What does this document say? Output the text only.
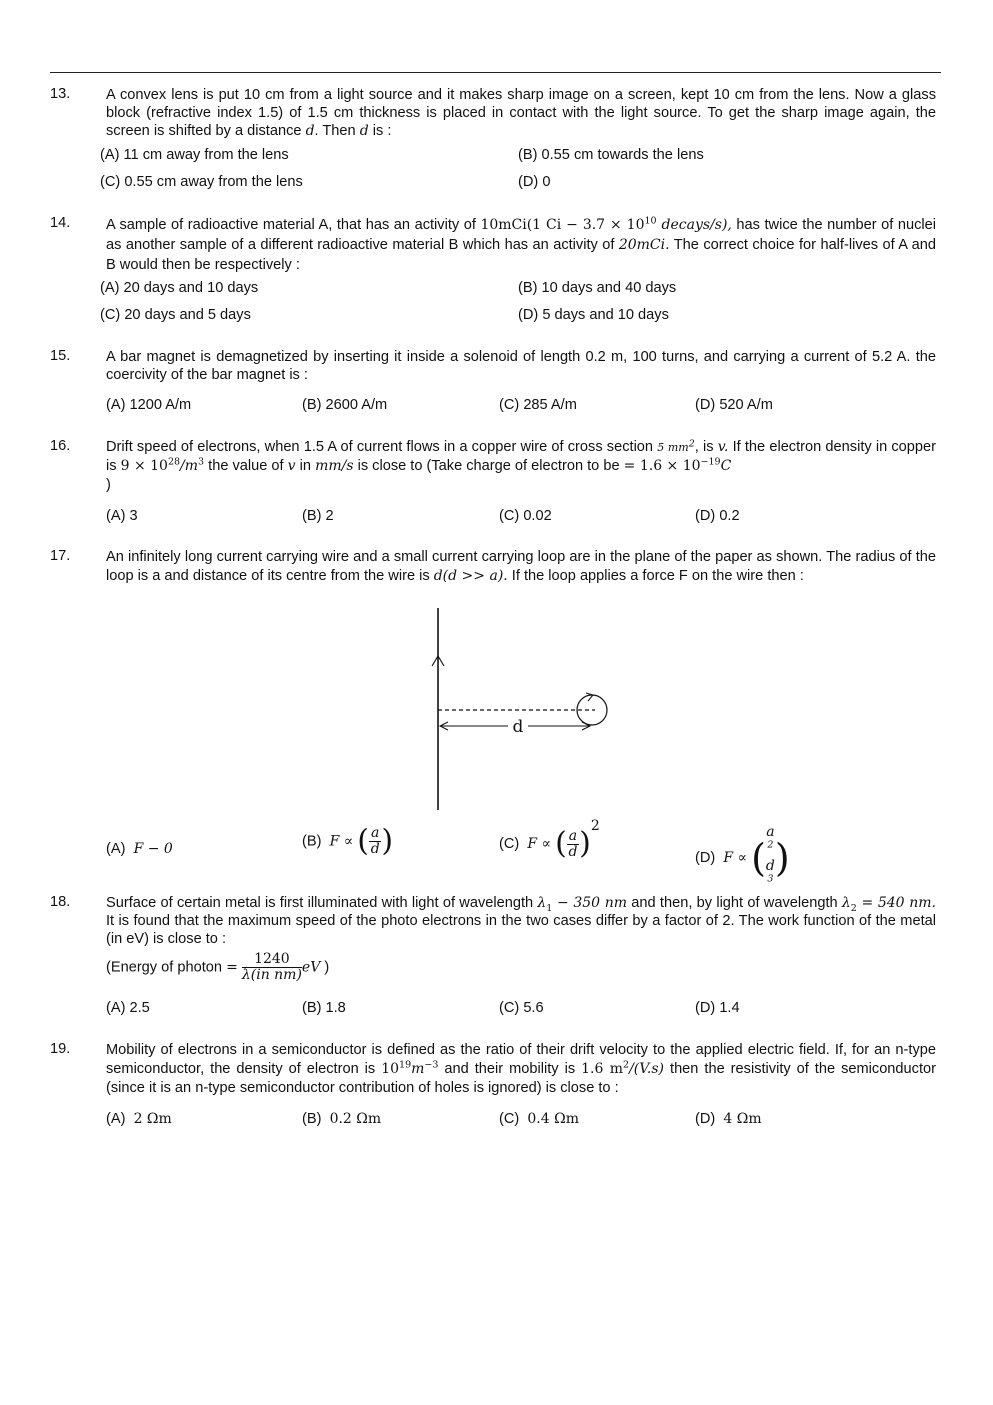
13. A convex lens is put 10 cm from a light source and it makes sharp image on a screen, kept 10 cm from the lens. Now a glass block (refractive index 1.5) of 1.5 cm thickness is placed in contact with the light source. To get the sharp image again, the screen is shifted by a distance d. Then d is :
(A) 11 cm away from the lens	(B) 0.55 cm towards the lens
(C) 0.55 cm away from the lens	(D) 0
14. A sample of radioactive material A, that has an activity of 10mCi(1 $Ci - 3.7 \times 10^{10}$ decays/s), has twice the number of nuclei as another sample of a different radioactive material B which has an activity of 20mCi. The correct choice for half-lives of A and B would then be respectively :
(A) 20 days and 10 days	(B) 10 days and 40 days
(C) 20 days and 5 days	(D) 5 days and 10 days
15. A bar magnet is demagnetized by inserting it inside a solenoid of length 0.2 m, 100 turns, and carrying a current of 5.2 A. the coercivity of the bar magnet is :
(A) 1200 A/m	(B) 2600 A/m	(C) 285 A/m	(D) 520 A/m
16. Drift speed of electrons, when 1.5 A of current flows in a copper wire of cross section 5 $mm^2$, is v. If the electron density in copper is $9 \times 10^{28}/m^3$ the value of v in mm/s is close to (Take charge of electron to be = $1.6 \times 10^{-19}C$
)
(A) 3	(B) 2	(C) 0.02	(D) 0.2
17. An infinitely long current carrying wire and a small current carrying loop are in the plane of the paper as shown. The radius of the loop is a and distance of its centre from the wire is d(d >> a). If the loop applies a force F on the wire then :
d
(A) F − 0	(B) F ∝ ( $\frac{a}{d}$ )	(C) F ∝ ( $\frac{a}{d} )^2$
(D) F ∝ (
a
$^2$
d
$^3$ )
18. Surface of certain metal is first illuminated with light of wavelength $\lambda_1 - 350$ nm and then, by light of wavelength $\lambda_2 = 540$ nm. It is found that the maximum speed of the photo electrons in the two cases differ by a factor of 2. The work function of the metal (in eV) is close to :
(Energy of photon = $\frac{1240}{\text{λ(in nm)}}$ eV )
(A) 2.5	(B) 1.8	(C) 5.6	(D) 1.4
19. Mobility of electrons in a semiconductor is defined as the ratio of their drift velocity to the applied electric field. If, for an n-type semiconductor, the density of electron is $10^{19}m^{-3}$ and their mobility is 1.6 $m^2/(V.s)$ then the resistivity of the semiconductor (since it is an n-type semiconductor contribution of holes is ignored) is close to :
(A) 2 Ωm	(B) 0.2 Ωm	(C) 0.4 Ωm	(D) 4 Ωm
